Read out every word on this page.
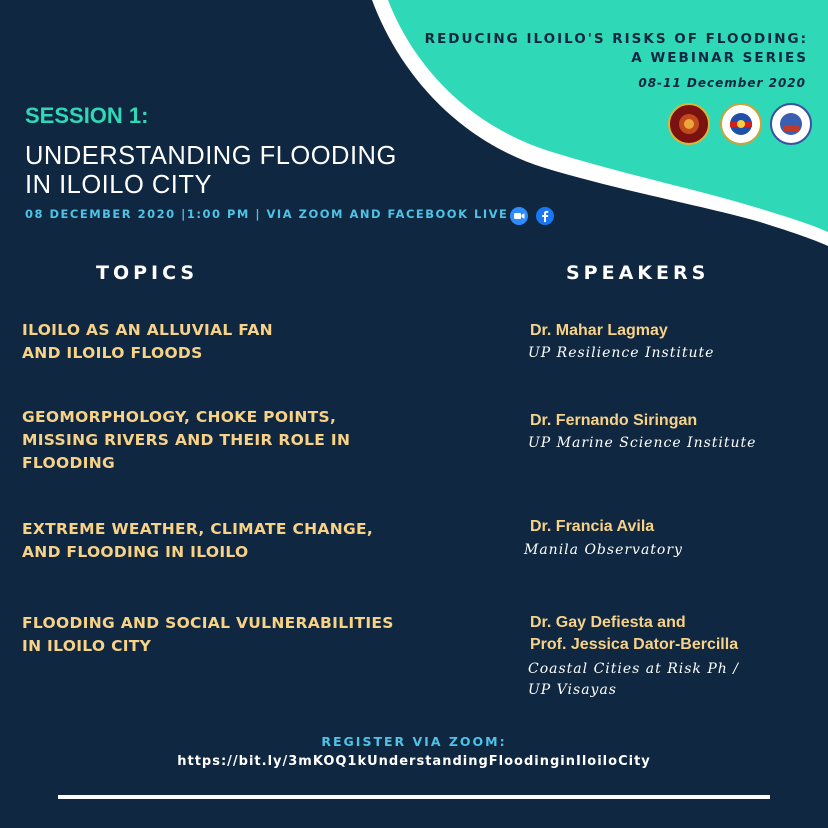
REDUCING ILOILO'S RISKS OF FLOODING:
A WEBINAR SERIES
08-11 December 2020
SESSION 1:
UNDERSTANDING FLOODING
IN ILOILO CITY
08 DECEMBER 2020 |1:00 PM | VIA ZOOM AND FACEBOOK LIVE
TOPICS	SPEAKERS
ILOILO AS AN ALLUVIAL FAN
AND ILOILO FLOODS
GEOMORPHOLOGY, CHOKE POINTS,
MISSING RIVERS AND THEIR ROLE IN
FLOODING
EXTREME WEATHER, CLIMATE CHANGE,
AND FLOODING IN ILOILO
FLOODING AND SOCIAL VULNERABILITIES
IN ILOILO CITY
Dr. Mahar Lagmay
UP Resilience Institute
Dr. Fernando Siringan
UP Marine Science Institute
Dr. Francia Avila
Manila Observatory
Dr. Gay Defiesta and
Prof. Jessica Dator-Bercilla
Coastal Cities at Risk Ph /
UP Visayas
REGISTER VIA ZOOM:
https://bit.ly/3mKOQ1kUnderstandingFloodinginIloiloCity
